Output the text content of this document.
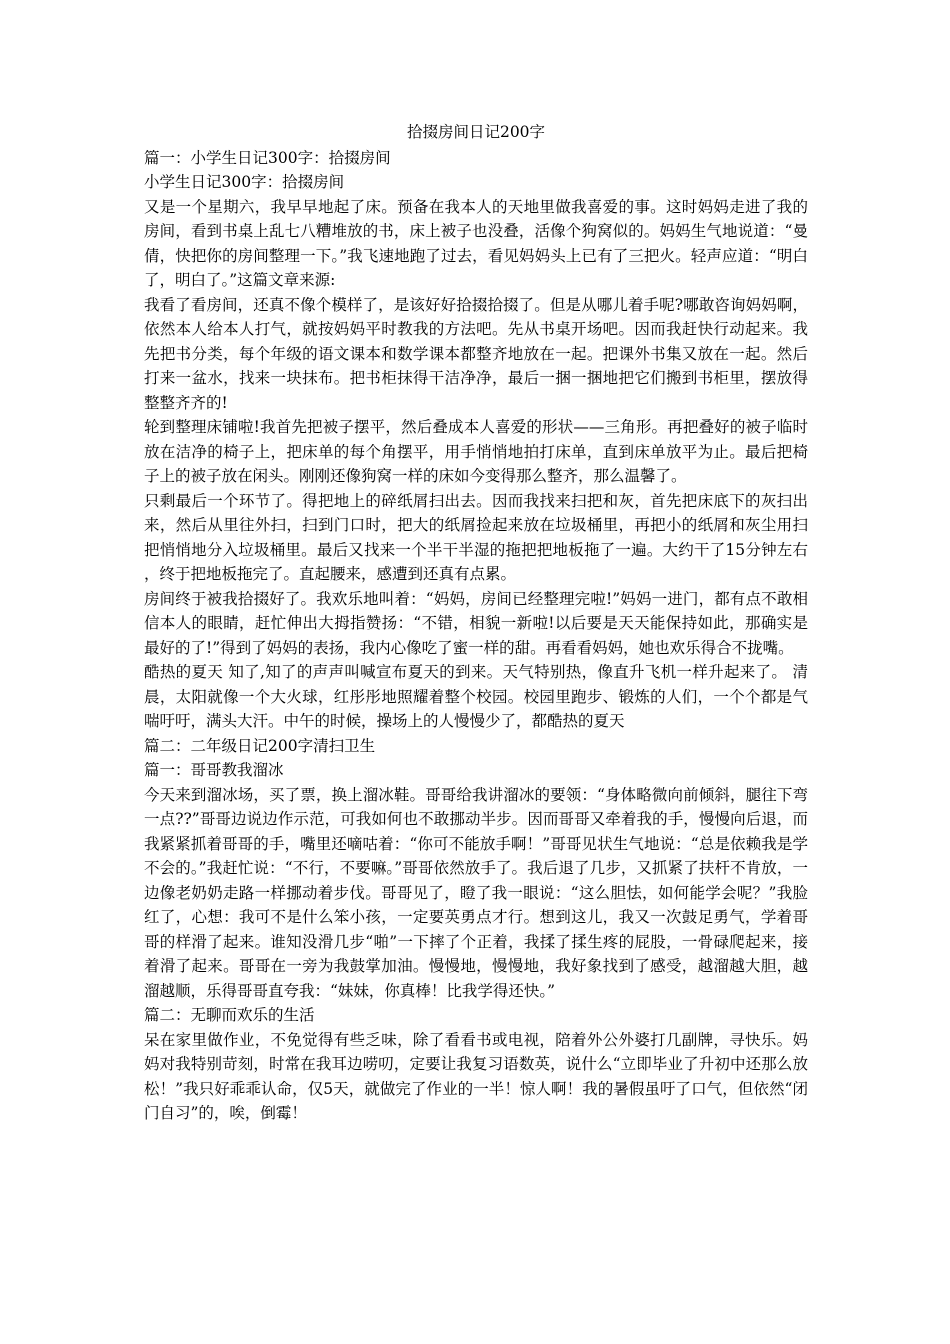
拾掇房间日记200字

篇一：小学生日记300字：拾掇房间

小学生日记300字：拾掇房间

又是一个星期六，我早早地起了床。预备在我本人的天地里做我喜爱的事。这时妈妈走进了我的房间，看到书桌上乱七八糟堆放的书，床上被子也没叠，活像个狗窝似的。妈妈生气地说道：“曼倩，快把你的房间整理一下。”我飞速地跑了过去，看见妈妈头上已有了三把火。轻声应道：“明白了，明白了。”这篇文章来源:

我看了看房间，还真不像个模样了，是该好好拾掇拾掇了。但是从哪儿着手呢?哪敢咨询妈妈啊，依然本人给本人打气，就按妈妈平时教我的方法吧。先从书桌开场吧。因而我赶快行动起来。我先把书分类，每个年级的语文课本和数学课本都整齐地放在一起。把课外书集又放在一起。然后打来一盆水，找来一块抹布。把书柜抹得干洁净净，最后一捆一捆地把它们搬到书柜里，摆放得整整齐齐的!

轮到整理床铺啦!我首先把被子摆平，然后叠成本人喜爱的形状——三角形。再把叠好的被子临时放在洁净的椅子上，把床单的每个角摆平，用手悄悄地拍打床单，直到床单放平为止。最后把椅子上的被子放在闲头。刚刚还像狗窝一样的床如今变得那么整齐，那么温馨了。

只剩最后一个环节了。得把地上的碎纸屑扫出去。因而我找来扫把和灰，首先把床底下的灰扫出来，然后从里往外扫，扫到门口时，把大的纸屑捡起来放在垃圾桶里，再把小的纸屑和灰尘用扫把悄悄地分入垃圾桶里。最后又找来一个半干半湿的拖把把地板拖了一遍。大约干了15分钟左右，终于把地板拖完了。直起腰来，感遭到还真有点累。

房间终于被我拾掇好了。我欢乐地叫着：“妈妈，房间已经整理完啦!”妈妈一进门，都有点不敢相信本人的眼睛，赶忙伸出大拇指赞扬：“不错，相貌一新啦!以后要是天天能保持如此，那确实是最好的了!”得到了妈妈的表扬，我内心像吃了蜜一样的甜。再看看妈妈，她也欢乐得合不拢嘴。

酷热的夏天 知了,知了的声声叫喊宣布夏天的到来。天气特别热，像直升飞机一样升起来了。 清晨，太阳就像一个大火球，红彤彤地照耀着整个校园。校园里跑步、锻炼的人们，一个个都是气喘吁吁，满头大汗。中午的时候，操场上的人慢慢少了，都酷热的夏天

篇二：二年级日记200字清扫卫生

篇一：哥哥教我溜冰

今天来到溜冰场，买了票，换上溜冰鞋。哥哥给我讲溜冰的要领：“身体略微向前倾斜，腿往下弯一点??”哥哥边说边作示范，可我如何也不敢挪动半步。因而哥哥又牵着我的手，慢慢向后退，而我紧紧抓着哥哥的手，嘴里还嘀咕着：“你可不能放手啊！”哥哥见状生气地说：“总是依赖我是学不会的。”我赶忙说：“不行，不要嘛。”哥哥依然放手了。我后退了几步，又抓紧了扶杆不肯放，一边像老奶奶走路一样挪动着步伐。哥哥见了，瞪了我一眼说：“这么胆怯，如何能学会呢？”我脸红了，心想：我可不是什么笨小孩，一定要英勇点才行。想到这儿，我又一次鼓足勇气，学着哥哥的样滑了起来。谁知没滑几步“啪”一下摔了个正着，我揉了揉生疼的屁股，一骨碌爬起来，接着滑了起来。哥哥在一旁为我鼓掌加油。慢慢地，慢慢地，我好象找到了感受，越溜越大胆，越溜越顺，乐得哥哥直夸我：“妹妹，你真棒！比我学得还快。”

篇二：无聊而欢乐的生活

呆在家里做作业，不免觉得有些乏味，除了看看书或电视，陪着外公外婆打几副牌，寻快乐。妈妈对我特别苛刻，时常在我耳边唠叨，定要让我复习语数英，说什么“立即毕业了升初中还那么放松！”我只好乖乖认命，仅5天，就做完了作业的一半！惊人啊！我的暑假虽吁了口气，但依然“闭门自习”的，唉，倒霉！
